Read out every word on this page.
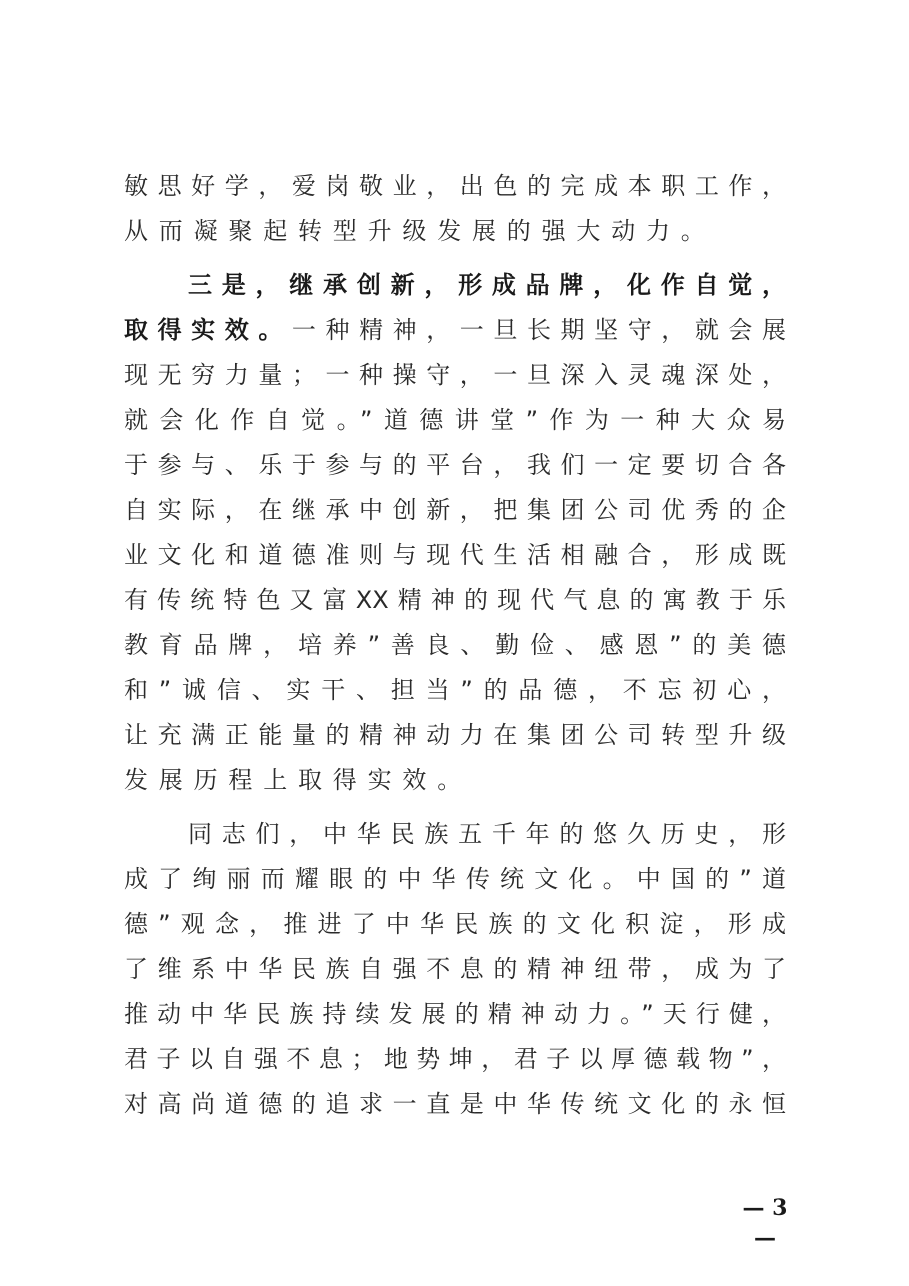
敏思好学，爱岗敬业，出色的完成本职工作，
从而凝聚起转型升级发展的强大动力。
三是，继承创新，形成品牌，化作自觉，
取得实效。一种精神，一旦长期坚守，就会展
现无穷力量；一种操守，一旦深入灵魂深处，
就会化作自觉。”道德讲堂”作为一种大众易
于参与、乐于参与的平台，我们一定要切合各
自实际，在继承中创新，把集团公司优秀的企
业文化和道德准则与现代生活相融合，形成既
有传统特色又富XX精神的现代气息的寓教于乐
教育品牌，培养”善良、勤俭、感恩”的美德
和”诚信、实干、担当”的品德，不忘初心，
让充满正能量的精神动力在集团公司转型升级
发展历程上取得实效。
同志们，中华民族五千年的悠久历史，形
成了绚丽而耀眼的中华传统文化。中国的”道
德”观念，推进了中华民族的文化积淀，形成
了维系中华民族自强不息的精神纽带，成为了
推动中华民族持续发展的精神动力。”天行健，
君子以自强不息；地势坤，君子以厚德载物”，
对高尚道德的追求一直是中华传统文化的永恒
— 3 —
